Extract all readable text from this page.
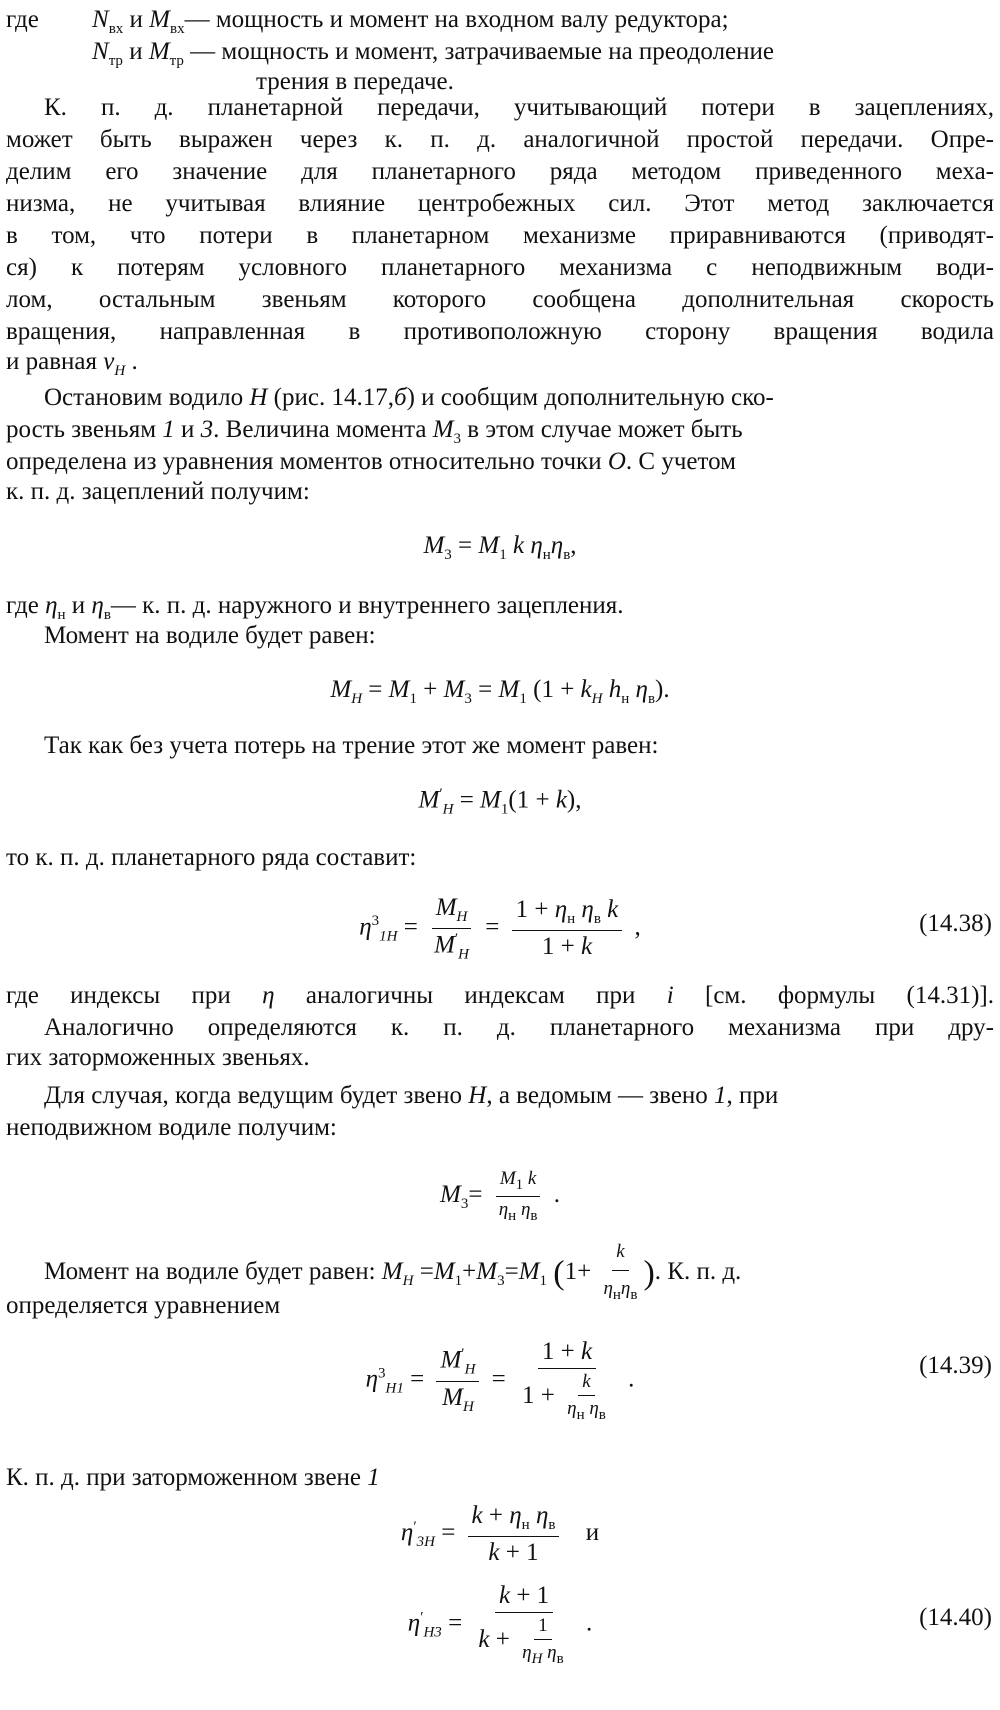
где $N_{вх}$ и $M_{вх}—$ мощность и момент на входном валу редуктора;
$N_{тр}$ и $M_{тр}$ — мощность и момент, затрачиваемые на преодоление
трения в передаче.
К. п. д. планетарной передачи, учитывающий потери в зацеплениях,
может быть выражен через к. п. д. аналогичной простой передачи. Опре-
делим его значение для планетарного ряда методом приведенного меха-
низма, не учитывая влияние центробежных сил. Этот метод заключается
в том, что потери в планетарном механизме приравниваются (приводят-
ся) к потерям условного планетарного механизма с неподвижным води-
лом, остальным звеньям которого сообщена дополнительная скорость
вращения, направленная в противоположную сторону вращения водила
и равная $v_H$ .
Остановим водило H (рис. 14.17,б) и сообщим дополнительную ско-
рость звеньям 1 и 3. Величина момента $M_3$ в этом случае может быть
определена из уравнения моментов относительно точки O. С учетом
к. п. д. зацеплений получим:
$M_3 = M_1$ k $\eta_н\eta_в$,
где $\eta_н$ и $\eta_в—$ к. п. д. наружного и внутреннего зацепления.
Момент на водиле будет равен:
$M_H = M_1 + M_3 = M_1$ ($1 + k_H$ $h_н$ $\eta_в$).
Так как без учета потерь на трение этот же момент равен:
$M'_H = M_1(1 + k)$,
то к. п. д. планетарного ряда составит:
$\eta^3_{1H} = \frac{M_H}{M'_H} = \frac{1 + \eta_н \eta_в k}{1 + k}$ ,	(14.38)
где индексы при η аналогичны индексам при i [см. формулы (14.31)].
Аналогично определяются к. п. д. планетарного механизма при дру-
гих заторможенных звеньях.
Для случая, когда ведущим будет звено H, а ведомым — звено 1, при
неподвижном водиле получим:
$M_3= \frac{M_1 k}{\eta_н \eta_в}$ .
Момент на водиле будет равен: $M_H =M_1+M_3=M_1$ ($1+ \frac{k}{\eta_н\eta_в}$ ). К. п. д.
определяется уравнением
$\eta^3_{H1} = \frac{M'_H}{M_H} = \frac{1 + k}{1 + \frac{k}{\eta_н \eta_в}}$ .
(14.39)
К. п. д. при заторможенном звене 1
$\eta'_{3H} = \frac{k + \eta_н \eta_в}{k + 1}$ и
$\eta'_{H3} = \frac{k + 1}{k + \frac{1}{\eta_H \eta_в}}$ .	(14.40)
